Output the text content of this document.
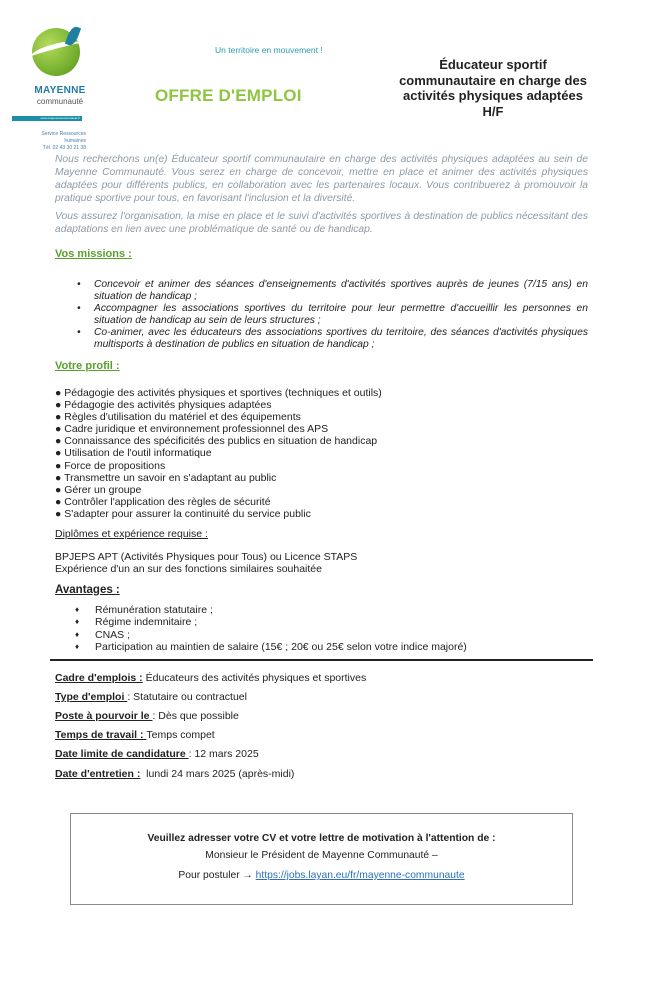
MAYENNE
communauté
www.mayennecommunaute.fr
Service Ressources humaines
Tél. 02 43 30 21 38
Un territoire en mouvement !
OFFRE D'EMPLOI
Éducateur sportif communautaire en charge des activités physiques adaptées H/F

Nous recherchons un(e) Éducateur sportif communautaire en charge des activités physiques adaptées au sein de Mayenne Communauté. Vous serez en charge de concevoir, mettre en place et animer des activités physiques adaptées pour différents publics, en collaboration avec les partenaires locaux. Vous contribuerez à promouvoir la pratique sportive pour tous, en favorisant l'inclusion et la diversité.

Vous assurez l'organisation, la mise en place et le suivi d'activités sportives à destination de publics nécessitant des adaptations en lien avec une problématique de santé ou de handicap.

Vos missions :
• Concevoir et animer des séances d'enseignements d'activités sportives auprès de jeunes (7/15 ans) en situation de handicap ;
• Accompagner les associations sportives du territoire pour leur permettre d'accueillir les personnes en situation de handicap au sein de leurs structures ;
• Co-animer, avec les éducateurs des associations sportives du territoire, des séances d'activités physiques multisports à destination de publics en situation de handicap ;
Votre profil :
● Pédagogie des activités physiques et sportives (techniques et outils)
● Pédagogie des activités physiques adaptées
● Règles d'utilisation du matériel et des équipements
● Cadre juridique et environnement professionnel des APS
● Connaissance des spécificités des publics en situation de handicap
● Utilisation de l'outil informatique
● Force de propositions
● Transmettre un savoir en s'adaptant au public
● Gérer un groupe
● Contrôler l'application des règles de sécurité
● S'adapter pour assurer la continuité du service public
Diplômes et expérience requise :
BPJEPS APT (Activités Physiques pour Tous) ou Licence STAPS
Expérience d'un an sur des fonctions similaires souhaitée
Avantages :
♦ Rémunération statutaire ;
♦ Régime indemnitaire ;
♦ CNAS ;
♦ Participation au maintien de salaire (15€ ; 20€ ou 25€ selon votre indice majoré)
Cadre d'emplois : Éducateurs des activités physiques et sportives
Type d'emploi : Statutaire ou contractuel
Poste à pourvoir le : Dès que possible
Temps de travail : Temps compet
Date limite de candidature : 12 mars 2025
Date d'entretien :  lundi 24 mars 2025 (après-midi)
Veuillez adresser votre CV et votre lettre de motivation à l'attention de :
Monsieur le Président de Mayenne Communauté –
Pour postuler → https://jobs.layan.eu/fr/mayenne-communaute
